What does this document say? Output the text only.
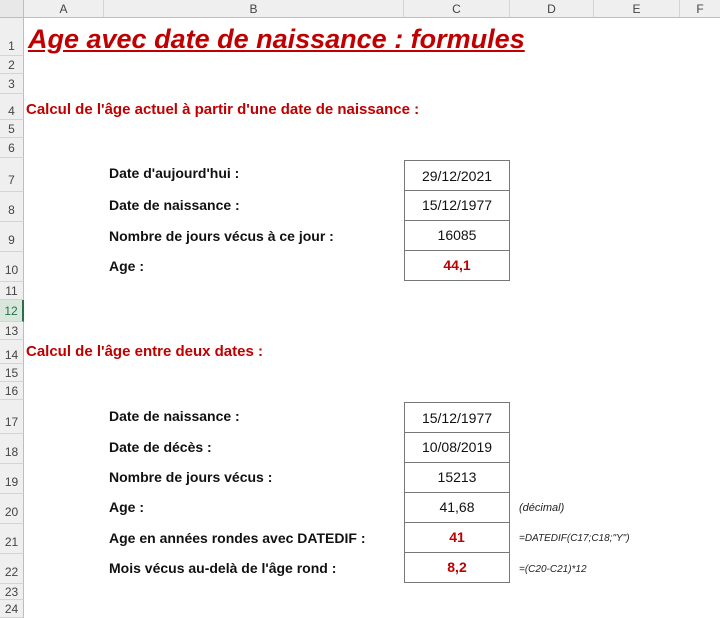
A	B	C	D	E	F
1
2
3
4
5
6
7
8
9
10
11
12
13
14
15
16
17
18
19
20
21
22
23
24
Age avec date de naissance : formules
Calcul de l'âge actuel à partir d'une date de naissance :
Date d'aujourd'hui :	29/12/2021
Date de naissance :	15/12/1977
Nombre de jours vécus à ce jour :	16085
Age :	44,1
Calcul de l'âge entre deux dates :
Date de naissance :	15/12/1977
Date de décès :	10/08/2019
Nombre de jours vécus :	15213
Age :	41,68	(décimal)
Age en années rondes avec DATEDIF :	41	=DATEDIF(C17;C18;"Y")
Mois vécus au-delà de l'âge rond :	8,2	=(C20-C21)*12
